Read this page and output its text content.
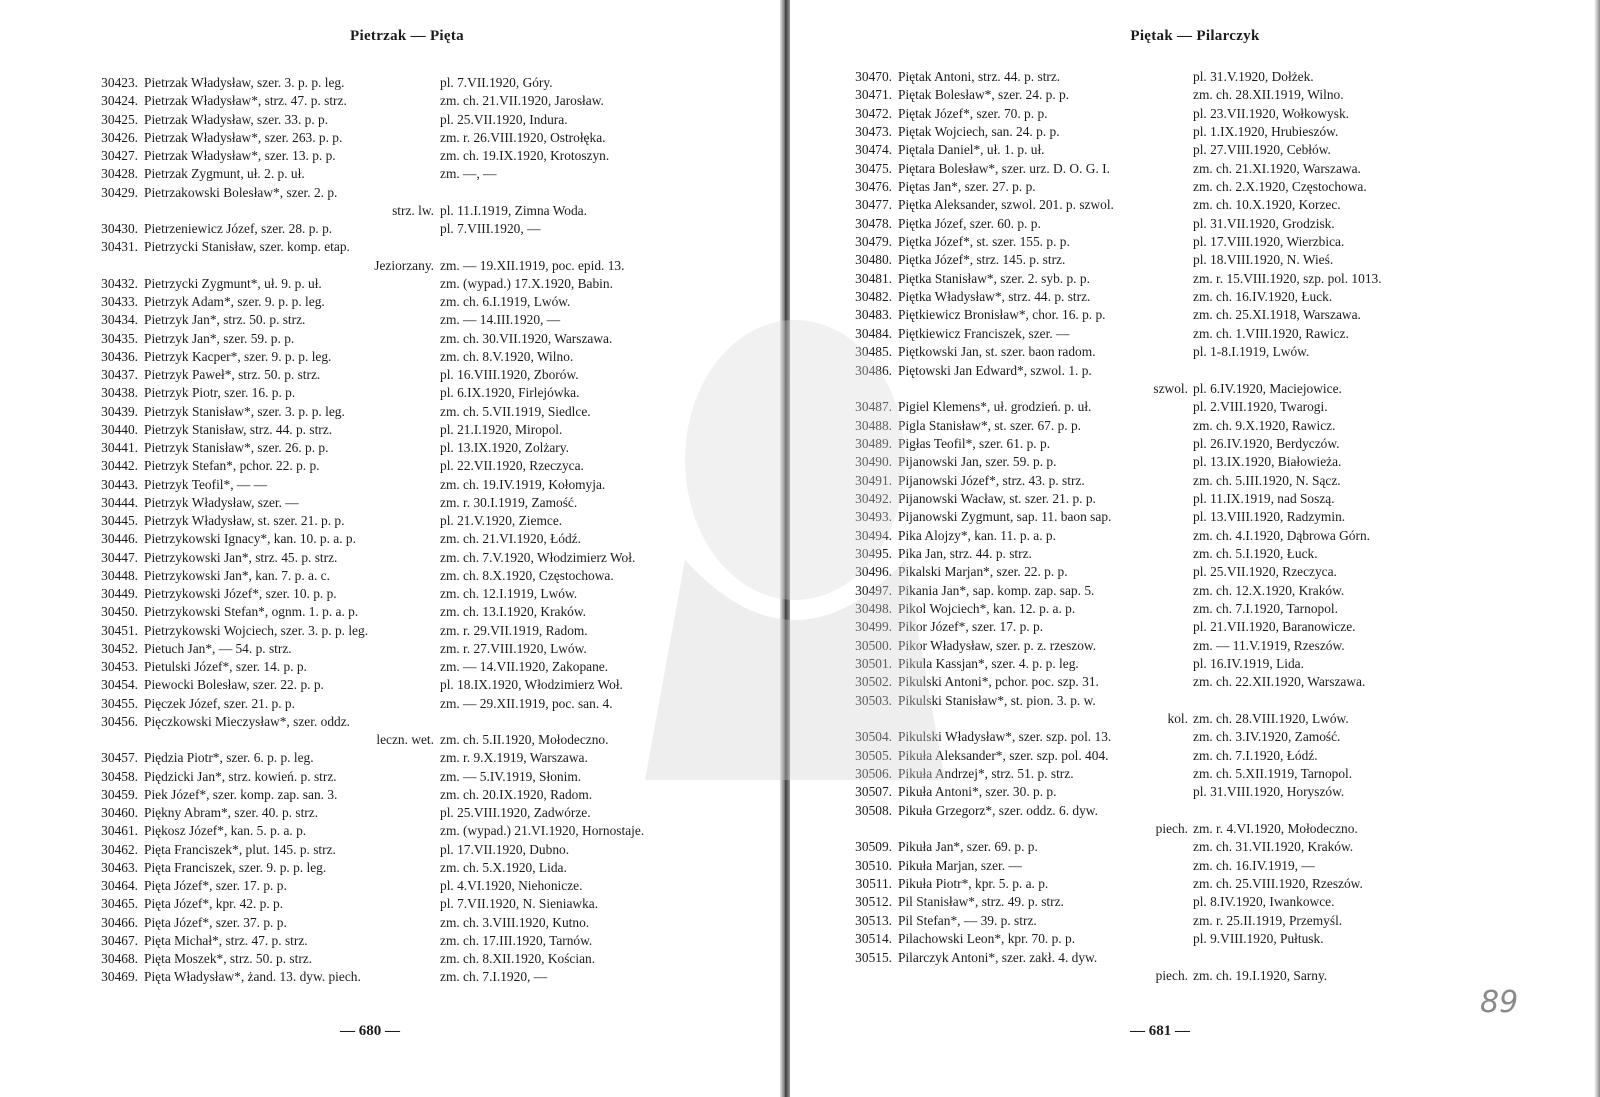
Pietrzak — Pięta
30423. Pietrzak Władysław, szer. 3. p. p. leg.	pl. 7.VII.1920, Góry.
30424. Pietrzak Władysław*, strz. 47. p. strz.	zm. ch. 21.VII.1920, Jarosław.
30425. Pietrzak Władysław, szer. 33. p. p.	pl. 25.VII.1920, Indura.
30426. Pietrzak Władysław*, szer. 263. p. p.	zm. r. 26.VIII.1920, Ostrołęka.
30427. Pietrzak Władysław*, szer. 13. p. p.	zm. ch. 19.IX.1920, Krotoszyn.
30428. Pietrzak Zygmunt, uł. 2. p. uł.	zm. —, —
30429. Pietrzakowski Bolesław*, szer. 2. p.
strz. lw. pl. 11.I.1919, Zimna Woda.
30430. Pietrzeniewicz Józef, szer. 28. p. p.	pl. 7.VIII.1920, —
30431. Pietrzycki Stanisław, szer. komp. etap.
Jeziorzany. zm. — 19.XII.1919, poc. epid. 13.
30432. Pietrzycki Zygmunt*, uł. 9. p. uł.	zm. (wypad.) 17.X.1920, Babin.
30433. Pietrzyk Adam*, szer. 9. p. p. leg.	zm. ch. 6.I.1919, Lwów.
30434. Pietrzyk Jan*, strz. 50. p. strz.	zm. — 14.III.1920, —
30435. Pietrzyk Jan*, szer. 59. p. p.	zm. ch. 30.VII.1920, Warszawa.
30436. Pietrzyk Kacper*, szer. 9. p. p. leg.	zm. ch. 8.V.1920, Wilno.
30437. Pietrzyk Paweł*, strz. 50. p. strz.	pl. 16.VIII.1920, Zborów.
30438. Pietrzyk Piotr, szer. 16. p. p.	pl. 6.IX.1920, Firlejówka.
30439. Pietrzyk Stanisław*, szer. 3. p. p. leg.	zm. ch. 5.VII.1919, Siedlce.
30440. Pietrzyk Stanisław, strz. 44. p. strz.	pl. 21.I.1920, Miropol.
30441. Pietrzyk Stanisław*, szer. 26. p. p.	pl. 13.IX.1920, Zolżary.
30442. Pietrzyk Stefan*, pchor. 22. p. p.	pl. 22.VII.1920, Rzeczyca.
30443. Pietrzyk Teofil*, — —	zm. ch. 19.IV.1919, Kołomyja.
30444. Pietrzyk Władysław, szer. —	zm. r. 30.I.1919, Zamość.
30445. Pietrzyk Władysław, st. szer. 21. p. p.	pl. 21.V.1920, Ziemce.
30446. Pietrzykowski Ignacy*, kan. 10. p. a. p.	zm. ch. 21.VI.1920, Łódź.
30447. Pietrzykowski Jan*, strz. 45. p. strz.	zm. ch. 7.V.1920, Włodzimierz Woł.
30448. Pietrzykowski Jan*, kan. 7. p. a. c.	zm. ch. 8.X.1920, Częstochowa.
30449. Pietrzykowski Józef*, szer. 10. p. p.	zm. ch. 12.I.1919, Lwów.
30450. Pietrzykowski Stefan*, ognm. 1. p. a. p.	zm. ch. 13.I.1920, Kraków.
30451. Pietrzykowski Wojciech, szer. 3. p. p. leg.	zm. r. 29.VII.1919, Radom.
30452. Pietuch Jan*, — 54. p. strz.	zm. r. 27.VIII.1920, Lwów.
30453. Pietulski Józef*, szer. 14. p. p.	zm. — 14.VII.1920, Zakopane.
30454. Piewocki Bolesław, szer. 22. p. p.	pl. 18.IX.1920, Włodzimierz Woł.
30455. Pięczek Józef, szer. 21. p. p.	zm. — 29.XII.1919, poc. san. 4.
30456. Pięczkowski Mieczysław*, szer. oddz.
leczn. wet. zm. ch. 5.II.1920, Mołodeczno.
30457. Piędzia Piotr*, szer. 6. p. p. leg.	zm. r. 9.X.1919, Warszawa.
30458. Piędzicki Jan*, strz. kowień. p. strz.	zm. — 5.IV.1919, Słonim.
30459. Piek Józef*, szer. komp. zap. san. 3.	zm. ch. 20.IX.1920, Radom.
30460. Piękny Abram*, szer. 40. p. strz.	pl. 25.VIII.1920, Zadwórze.
30461. Piękosz Józef*, kan. 5. p. a. p.	zm. (wypad.) 21.VI.1920, Hornostaje.
30462. Pięta Franciszek*, plut. 145. p. strz.	pl. 17.VII.1920, Dubno.
30463. Pięta Franciszek, szer. 9. p. p. leg.	zm. ch. 5.X.1920, Lida.
30464. Pięta Józef*, szer. 17. p. p.	pl. 4.VI.1920, Niehonicze.
30465. Pięta Józef*, kpr. 42. p. p.	pl. 7.VII.1920, N. Sieniawka.
30466. Pięta Józef*, szer. 37. p. p.	zm. ch. 3.VIII.1920, Kutno.
30467. Pięta Michał*, strz. 47. p. strz.	zm. ch. 17.III.1920, Tarnów.
30468. Pięta Moszek*, strz. 50. p. strz.	zm. ch. 8.XII.1920, Kościan.
30469. Pięta Władysław*, żand. 13. dyw. piech.	zm. ch. 7.I.1920, —
— 680 —
Piętak — Pilarczyk
30470. Piętak Antoni, strz. 44. p. strz.	pl. 31.V.1920, Dołżek.
30471. Piętak Bolesław*, szer. 24. p. p.	zm. ch. 28.XII.1919, Wilno.
30472. Piętak Józef*, szer. 70. p. p.	pl. 23.VII.1920, Wołkowysk.
30473. Piętak Wojciech, san. 24. p. p.	pl. 1.IX.1920, Hrubieszów.
30474. Piętala Daniel*, uł. 1. p. uł.	pl. 27.VIII.1920, Cebłów.
30475. Piętara Bolesław*, szer. urz. D. O. G. I.	zm. ch. 21.XI.1920, Warszawa.
30476. Piętas Jan*, szer. 27. p. p.	zm. ch. 2.X.1920, Częstochowa.
30477. Piętka Aleksander, szwol. 201. p. szwol.	zm. ch. 10.X.1920, Korzec.
30478. Piętka Józef, szer. 60. p. p.	pl. 31.VII.1920, Grodzisk.
30479. Piętka Józef*, st. szer. 155. p. p.	pl. 17.VIII.1920, Wierzbica.
30480. Piętka Józef*, strz. 145. p. strz.	pl. 18.VIII.1920, N. Wieś.
30481. Piętka Stanisław*, szer. 2. syb. p. p.	zm. r. 15.VIII.1920, szp. pol. 1013.
30482. Piętka Władysław*, strz. 44. p. strz.	zm. ch. 16.IV.1920, Łuck.
30483. Piętkiewicz Bronisław*, chor. 16. p. p.	zm. ch. 25.XI.1918, Warszawa.
30484. Piętkiewicz Franciszek, szer. —	zm. ch. 1.VIII.1920, Rawicz.
30485. Piętkowski Jan, st. szer. baon radom.	pl. 1-8.I.1919, Lwów.
30486. Piętowski Jan Edward*, szwol. 1. p.
szwol. pl. 6.IV.1920, Maciejowice.
30487. Pigiel Klemens*, uł. grodzień. p. uł.	pl. 2.VIII.1920, Twarogi.
30488. Pigla Stanisław*, st. szer. 67. p. p.	zm. ch. 9.X.1920, Rawicz.
30489. Pigłas Teofil*, szer. 61. p. p.	pl. 26.IV.1920, Berdyczów.
30490. Pijanowski Jan, szer. 59. p. p.	pl. 13.IX.1920, Białowieża.
30491. Pijanowski Józef*, strz. 43. p. strz.	zm. ch. 5.III.1920, N. Sącz.
30492. Pijanowski Wacław, st. szer. 21. p. p.	pl. 11.IX.1919, nad Soszą.
30493. Pijanowski Zygmunt, sap. 11. baon sap.	pl. 13.VIII.1920, Radzymin.
30494. Pika Alojzy*, kan. 11. p. a. p.	zm. ch. 4.I.1920, Dąbrowa Górn.
30495. Pika Jan, strz. 44. p. strz.	zm. ch. 5.I.1920, Łuck.
30496. Pikalski Marjan*, szer. 22. p. p.	pl. 25.VII.1920, Rzeczyca.
30497. Pikania Jan*, sap. komp. zap. sap. 5.	zm. ch. 12.X.1920, Kraków.
30498. Pikol Wojciech*, kan. 12. p. a. p.	zm. ch. 7.I.1920, Tarnopol.
30499. Pikor Józef*, szer. 17. p. p.	pl. 21.VII.1920, Baranowicze.
30500. Pikor Władysław, szer. p. z. rzeszow.	zm. — 11.V.1919, Rzeszów.
30501. Pikula Kassjan*, szer. 4. p. p. leg.	pl. 16.IV.1919, Lida.
30502. Pikulski Antoni*, pchor. poc. szp. 31.	zm. ch. 22.XII.1920, Warszawa.
30503. Pikulski Stanisław*, st. pion. 3. p. w.
kol. zm. ch. 28.VIII.1920, Lwów.
30504. Pikulski Władysław*, szer. szp. pol. 13.	zm. ch. 3.IV.1920, Zamość.
30505. Pikuła Aleksander*, szer. szp. pol. 404.	zm. ch. 7.I.1920, Łódź.
30506. Pikuła Andrzej*, strz. 51. p. strz.	zm. ch. 5.XII.1919, Tarnopol.
30507. Pikuła Antoni*, szer. 30. p. p.	pl. 31.VIII.1920, Horyszów.
30508. Pikuła Grzegorz*, szer. oddz. 6. dyw.
piech. zm. r. 4.VI.1920, Mołodeczno.
30509. Pikuła Jan*, szer. 69. p. p.	zm. ch. 31.VII.1920, Kraków.
30510. Pikuła Marjan, szer. —	zm. ch. 16.IV.1919, —
30511. Pikuła Piotr*, kpr. 5. p. a. p.	zm. ch. 25.VIII.1920, Rzeszów.
30512. Pil Stanisław*, strz. 49. p. strz.	pl. 8.IV.1920, Iwankowce.
30513. Pil Stefan*, — 39. p. strz.	zm. r. 25.II.1919, Przemyśl.
30514. Pilachowski Leon*, kpr. 70. p. p.	pl. 9.VIII.1920, Pułtusk.
30515. Pilarczyk Antoni*, szer. zakł. 4. dyw.
piech. zm. ch. 19.I.1920, Sarny.
— 681 —
89
